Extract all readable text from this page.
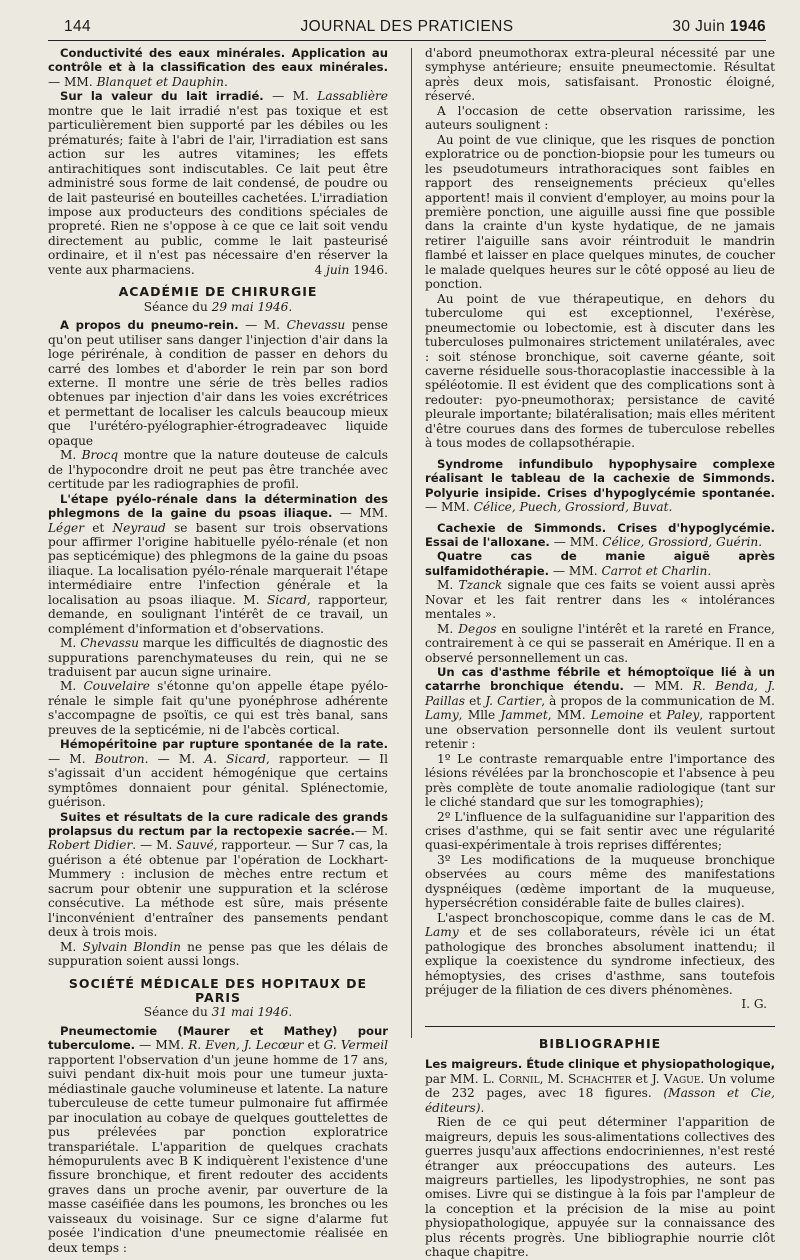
144	JOURNAL DES PRATICIENS	30 Juin 1946

Conductivité des eaux minérales. Application au contrôle et à la classification des eaux minérales. — MM. Blanquet et Dauphin.

Sur la valeur du lait irradié. — M. Lassablière montre que le lait irradié n'est pas toxique et est particulièrement bien supporté par les débiles ou les prématurés; faite à l'abri de l'air, l'irradiation est sans action sur les autres vitamines; les effets antirachitiques sont indiscutables. Ce lait peut être administré sous forme de lait condensé, de poudre ou de lait pasteurisé en bouteilles cachetées. L'irradiation impose aux producteurs des conditions spéciales de propreté. Rien ne s'oppose à ce que ce lait soit vendu directement au public, comme le lait pasteurisé ordinaire, et il n'est pas nécessaire d'en réserver la vente aux pharmaciens.	4 juin 1946.

ACADÉMIE DE CHIRURGIE

Séance du 29 mai 1946.

A propos du pneumo-rein. — M. Chevassu pense qu'on peut utiliser sans danger l'injection d'air dans la loge périrénale, à condition de passer en dehors du carré des lombes et d'aborder le rein par son bord externe. Il montre une série de très belles radios obtenues par injection d'air dans les voies excrétrices et permettant de localiser les calculs beaucoup mieux que l'urétéro-pyélographier-étrogradeavec liquide opaque

M. Brocq montre que la nature douteuse de calculs de l'hypocondre droit ne peut pas être tranchée avec certitude par les radiographies de profil.

L'étape pyélo-rénale dans la détermination des phlegmons de la gaine du psoas iliaque. — MM. Léger et Neyraud se basent sur trois observations pour affirmer l'origine habituelle pyélo-rénale (et non pas septicémique) des phlegmons de la gaine du psoas iliaque. La localisation pyélo-rénale marquerait l'étape intermédiaire entre l'infection générale et la localisation au psoas iliaque. M. Sicard, rapporteur, demande, en soulignant l'intérêt de ce travail, un complément d'information et d'observations.

M. Chevassu marque les difficultés de diagnostic des suppurations parenchymateuses du rein, qui ne se traduisent par aucun signe urinaire.

M. Couvelaire s'étonne qu'on appelle étape pyélo-rénale le simple fait qu'une pyonéphrose adhérente s'accompagne de psoïtis, ce qui est très banal, sans preuves de la septicémie, ni de l'abcès cortical.

Hémopéritoine par rupture spontanée de la rate. — M. Boutron. — M. A. Sicard, rapporteur. — Il s'agissait d'un accident hémogénique que certains symptômes donnaient pour génital. Splénectomie, guérison.

Suites et résultats de la cure radicale des grands prolapsus du rectum par la rectopexie sacrée.— M. Robert Didier. — M. Sauvé, rapporteur. — Sur 7 cas, la guérison a été obtenue par l'opération de Lockhart-Mummery : inclusion de mèches entre rectum et sacrum pour obtenir une suppuration et la sclérose consécutive. La méthode est sûre, mais présente l'inconvénient d'entraîner des pansements pendant deux à trois mois.

M. Sylvain Blondin ne pense pas que les délais de suppuration soient aussi longs.

SOCIÉTÉ MÉDICALE DES HOPITAUX DE PARIS

Séance du 31 mai 1946.

Pneumectomie (Maurer et Mathey) pour tuberculome. — MM. R. Even, J. Lecœur et G. Vermeil rapportent l'observation d'un jeune homme de 17 ans, suivi pendant dix-huit mois pour une tumeur juxta-médiastinale gauche volumineuse et latente. La nature tuberculeuse de cette tumeur pulmonaire fut affirmée par inoculation au cobaye de quelques gouttelettes de pus prélevées par ponction exploratrice transpariétale. L'apparition de quelques crachats hémopurulents avec B K indiquèrent l'existence d'une fissure bronchique, et firent redouter des accidents graves dans un proche avenir, par ouverture de la masse caséifiée dans les poumons, les bronches ou les vaisseaux du voisinage. Sur ce signe d'alarme fut posée l'indication d'une pneumectomie réalisée en deux temps :

d'abord pneumothorax extra-pleural nécessité par une symphyse antérieure; ensuite pneumectomie. Résultat après deux mois, satisfaisant. Pronostic éloigné, réservé.

A l'occasion de cette observation rarissime, les auteurs soulignent :

Au point de vue clinique, que les risques de ponction exploratrice ou de ponction-biopsie pour les tumeurs ou les pseudotumeurs intrathoraciques sont faibles en rapport des renseignements précieux qu'elles apportent! mais il convient d'employer, au moins pour la première ponction, une aiguille aussi fine que possible dans la crainte d'un kyste hydatique, de ne jamais retirer l'aiguille sans avoir réintroduit le mandrin flambé et laisser en place quelques minutes, de coucher le malade quelques heures sur le côté opposé au lieu de ponction.

Au point de vue thérapeutique, en dehors du tuberculome qui est exceptionnel, l'exérèse, pneumectomie ou lobectomie, est à discuter dans les tuberculoses pulmonaires strictement unilatérales, avec : soit sténose bronchique, soit caverne géante, soit caverne résiduelle sous-thoracoplastie inaccessible à la spéléotomie. Il est évident que des complications sont à redouter: pyo-pneumothorax; persistance de cavité pleurale importante; bilatéralisation; mais elles méritent d'être courues dans des formes de tuberculose rebelles à tous modes de collapsothérapie.

Syndrome infundibulo hypophysaire complexe réalisant le tableau de la cachexie de Simmonds. Polyurie insipide. Crises d'hypoglycémie spontanée. — MM. Célice, Puech, Grossiord, Buvat.

Cachexie de Simmonds. Crises d'hypoglycémie. Essai de l'alloxane. — MM. Célice, Grossiord, Guérin.

Quatre cas de manie aiguë après sulfamidothérapie. — MM. Carrot et Charlin.

M. Tzanck signale que ces faits se voient aussi après Novar et les fait rentrer dans les « intolérances mentales ».

M. Degos en souligne l'intérêt et la rareté en France, contrairement à ce qui se passerait en Amérique. Il en a observé personnellement un cas.

Un cas d'asthme fébrile et hémoptoïque lié à un catarrhe bronchique étendu. — MM. R. Benda, J. Paillas et J. Cartier, à propos de la communication de M. Lamy, Mlle Jammet, MM. Lemoine et Paley, rapportent une observation personnelle dont ils veulent surtout retenir :

1º Le contraste remarquable entre l'importance des lésions révélées par la bronchoscopie et l'absence à peu près complète de toute anomalie radiologique (tant sur le cliché standard que sur les tomographies);

2º L'influence de la sulfaguanidine sur l'apparition des crises d'asthme, qui se fait sentir avec une régularité quasi-expérimentale à trois reprises différentes;

3º Les modifications de la muqueuse bronchique observées au cours même des manifestations dyspnéiques (œdème important de la muqueuse, hypersécrétion considérable faite de bulles claires).

L'aspect bronchoscopique, comme dans le cas de M. Lamy et de ses collaborateurs, révèle ici un état pathologique des bronches absolument inattendu; il explique la coexistence du syndrome infectieux, des hémoptysies, des crises d'asthme, sans toutefois préjuger de la filiation de ces divers phénomènes.

I. G.

BIBLIOGRAPHIE

Les maigreurs. Étude clinique et physiopathologique, par MM. L. Cornil, M. Schachter et J. Vague. Un volume de 232 pages, avec 18 figures. (Masson et Cie, éditeurs).

Rien de ce qui peut déterminer l'apparition de maigreurs, depuis les sous-alimentations collectives des guerres jusqu'aux affections endocriniennes, n'est resté étranger aux préoccupations des auteurs. Les maigreurs partielles, les lipodystrophies, ne sont pas omises. Livre qui se distingue à la fois par l'ampleur de la conception et la précision de la mise au point physiopathologique, appuyée sur la connaissance des plus récents progrès. Une bibliographie nourrie clôt chaque chapitre.
